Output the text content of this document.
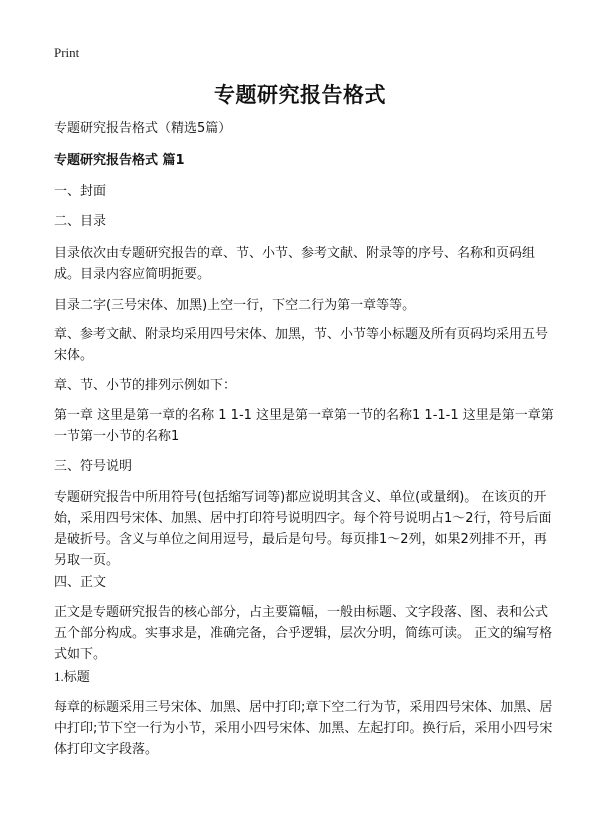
Print
专题研究报告格式
专题研究报告格式（精选5篇）
专题研究报告格式 篇1
一、封面
二、目录
目录依次由专题研究报告的章、节、小节、参考文献、附录等的序号、名称和页码组成。目录内容应简明扼要。
目录二字(三号宋体、加黑)上空一行，下空二行为第一章等等。
章、参考文献、附录均采用四号宋体、加黑，节、小节等小标题及所有页码均采用五号宋体。
章、节、小节的排列示例如下：
第一章 这里是第一章的名称 1 1-1 这里是第一章第一节的名称1 1-1-1 这里是第一章第一节第一小节的名称1
三、符号说明
专题研究报告中所用符号(包括缩写词等)都应说明其含义、单位(或量纲)。 在该页的开始，采用四号宋体、加黑、居中打印符号说明四字。每个符号说明占1～2行，符号后面是破折号。含义与单位之间用逗号，最后是句号。每页排1～2列，如果2列排不开，再另取一页。
四、正文
正文是专题研究报告的核心部分，占主要篇幅，一般由标题、文字段落、图、表和公式五个部分构成。实事求是，准确完备，合乎逻辑，层次分明，简练可读。 正文的编写格式如下。
1.标题
每章的标题采用三号宋体、加黑、居中打印;章下空二行为节，采用四号宋体、加黑、居中打印;节下空一行为小节，采用小四号宋体、加黑、左起打印。换行后，采用小四号宋体打印文字段落。
